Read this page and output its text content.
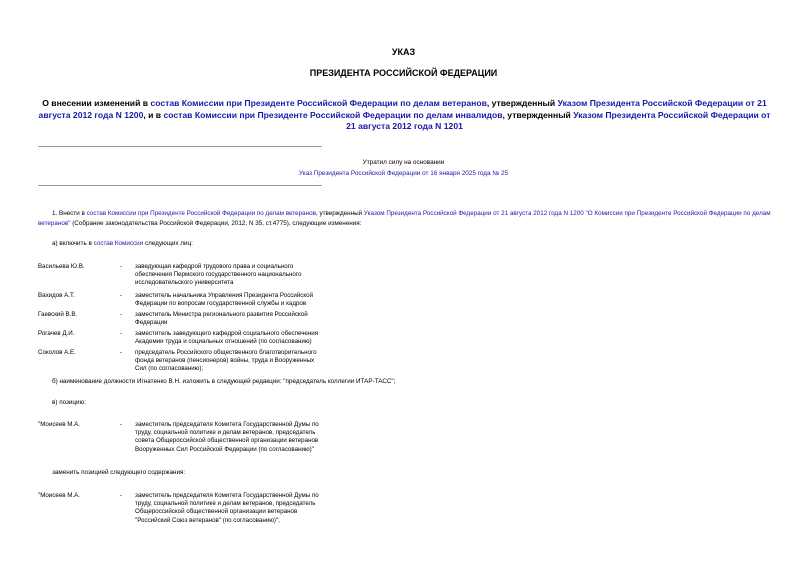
УКАЗ
ПРЕЗИДЕНТА РОССИЙСКОЙ ФЕДЕРАЦИИ
О внесении изменений в состав Комиссии при Президенте Российской Федерации по делам ветеранов, утвержденный Указом Президента Российской Федерации от 21 августа 2012 года N 1200, и в состав Комиссии при Президенте Российской Федерации по делам инвалидов, утвержденный Указом Президента Российской Федерации от 21 августа 2012 года N 1201
Утратил силу на основании
Указ Президента Российской Федерации от 16 января 2025 года № 25
1. Внести в состав Комиссии при Президенте Российской Федерации по делам ветеранов, утвержденный Указом Президента Российской Федерации от 21 августа 2012 года N 1200 "О Комиссии при Президенте Российской Федерации по делам ветеранов" (Собрание законодательства Российской Федерации, 2012, N 35, ст.4775), следующие изменения:
а) включить в состав Комиссии следующих лиц:
Васильева Ю.В.	- заведующая кафедрой трудового права и социального
обеспечения Пермского государственного национального
исследовательского университета
Вахидов А.Т.	- заместитель начальника Управления Президента Российской
Федерации по вопросам государственной службы и кадров
Гаевский В.В.	- заместитель Министра регионального развития Российской
Федерации
Рогачев Д.И.	- заместитель заведующего кафедрой социального обеспечения
Академии труда и социальных отношений (по согласованию)
Соколов А.Е.	- председатель Российского общественного благотворительного
фонда ветеранов (пенсионеров) войны, труда и Вооруженных
Сил (по согласованию);
б) наименование должности Игнатенко В.Н. изложить в следующей редакции: "председатель коллегии ИТАР-ТАСС";
в) позицию:
"Моисеев М.А.	- заместитель председателя Комитета Государственной Думы по
труду, социальной политике и делам ветеранов, председатель
совета Общероссийской общественной организации ветеранов
Вооруженных Сил Российской Федерации (по согласованию)"
заменить позицией следующего содержания:
"Моисеев М.А.	- заместитель председателя Комитета Государственной Думы по
труду, социальной политике и делам ветеранов, председатель
Общероссийской общественной организации ветеранов
"Российский Союз ветеранов" (по согласованию)";
